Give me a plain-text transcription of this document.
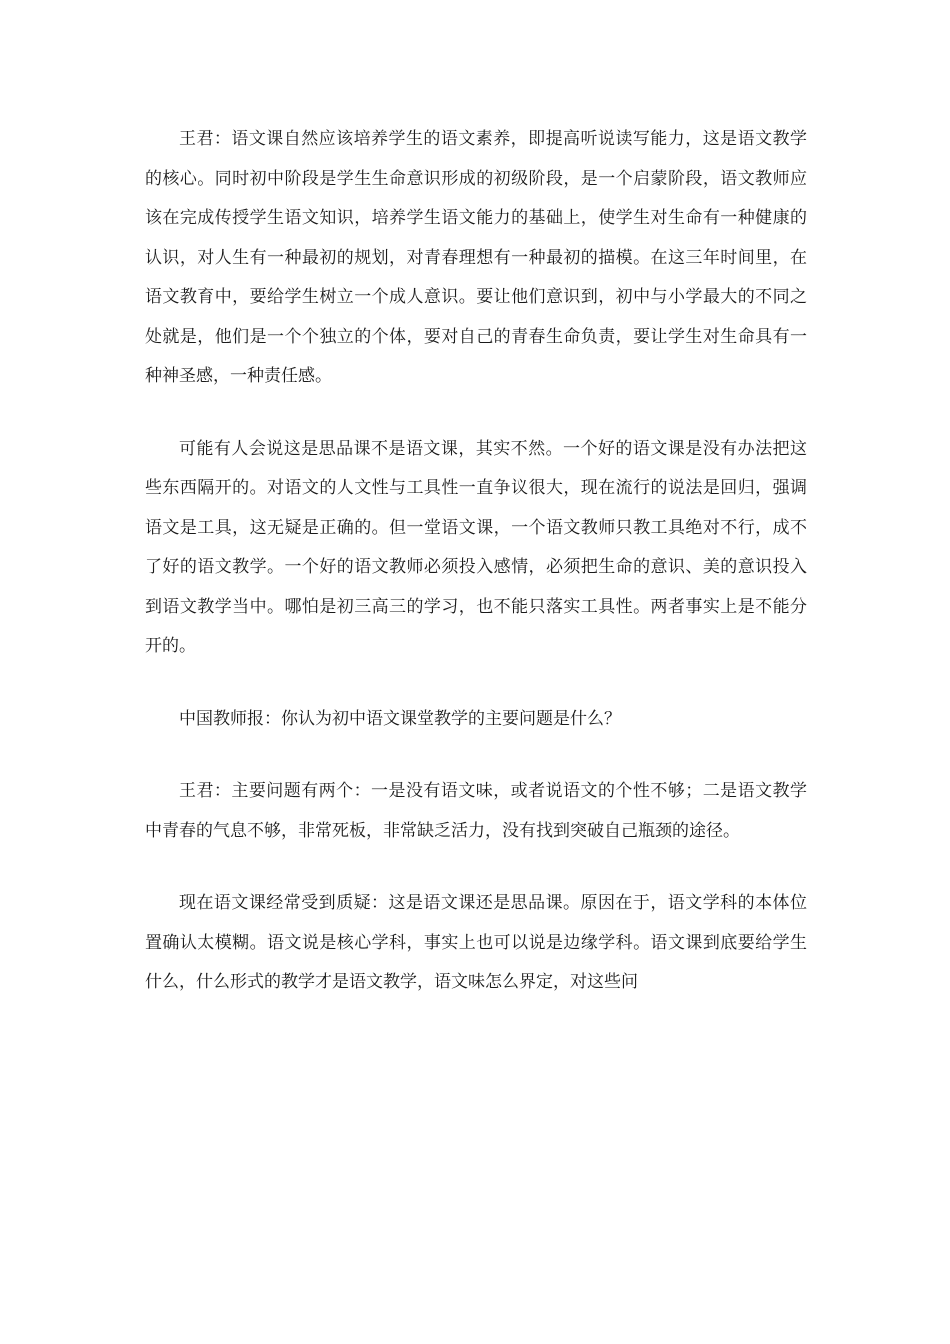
王君：语文课自然应该培养学生的语文素养，即提高听说读写能力，这是语文教学的核心。同时初中阶段是学生生命意识形成的初级阶段，是一个启蒙阶段，语文教师应该在完成传授学生语文知识，培养学生语文能力的基础上，使学生对生命有一种健康的认识，对人生有一种最初的规划，对青春理想有一种最初的描模。在这三年时间里，在语文教育中，要给学生树立一个成人意识。要让他们意识到，初中与小学最大的不同之处就是，他们是一个个独立的个体，要对自己的青春生命负责，要让学生对生命具有一种神圣感，一种责任感。

可能有人会说这是思品课不是语文课，其实不然。一个好的语文课是没有办法把这些东西隔开的。对语文的人文性与工具性一直争议很大，现在流行的说法是回归，强调语文是工具，这无疑是正确的。但一堂语文课，一个语文教师只教工具绝对不行，成不了好的语文教学。一个好的语文教师必须投入感情，必须把生命的意识、美的意识投入到语文教学当中。哪怕是初三高三的学习，也不能只落实工具性。两者事实上是不能分开的。

中国教师报：你认为初中语文课堂教学的主要问题是什么？

王君：主要问题有两个：一是没有语文味，或者说语文的个性不够；二是语文教学中青春的气息不够，非常死板，非常缺乏活力，没有找到突破自己瓶颈的途径。

现在语文课经常受到质疑：这是语文课还是思品课。原因在于，语文学科的本体位置确认太模糊。语文说是核心学科，事实上也可以说是边缘学科。语文课到底要给学生什么，什么形式的教学才是语文教学，语文味怎么界定，对这些问
